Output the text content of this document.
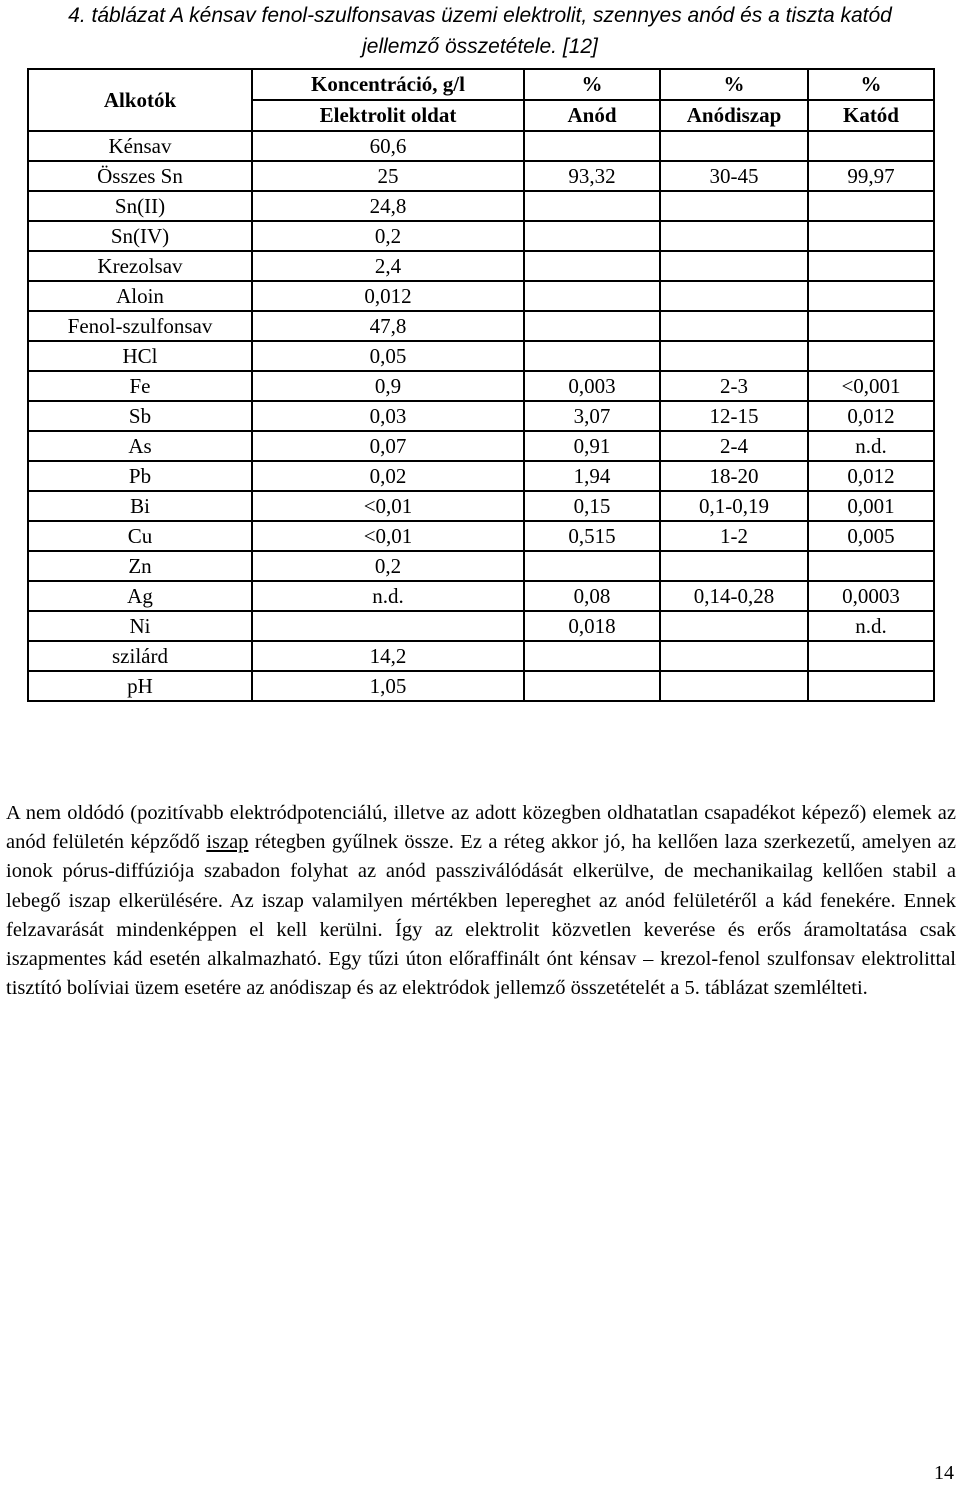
4. táblázat A kénsav fenol-szulfonsavas üzemi elektrolit, szennyes anód és a tiszta katód
jellemző összetétele. [12]

Alkotók	Koncentráció, g/l	%	%	%
	Elektrolit oldat	Anód	Anódiszap	Katód
Kénsav	60,6			
Összes Sn	25	93,32	30-45	99,97
Sn(II)	24,8			
Sn(IV)	0,2			
Krezolsav	2,4			
Aloin	0,012			
Fenol-szulfonsav	47,8			
HCl	0,05			
Fe	0,9	0,003	2-3	<0,001
Sb	0,03	3,07	12-15	0,012
As	0,07	0,91	2-4	n.d.
Pb	0,02	1,94	18-20	0,012
Bi	<0,01	0,15	0,1-0,19	0,001
Cu	<0,01	0,515	1-2	0,005
Zn	0,2			
Ag	n.d.	0,08	0,14-0,28	0,0003
Ni		0,018		n.d.
szilárd	14,2			
pH	1,05			

A nem oldódó (pozitívabb elektródpotenciálú, illetve az adott közegben oldhatatlan csapadékot képező) elemek az anód felületén képződő iszap rétegben gyűlnek össze. Ez a réteg akkor jó, ha kellően laza szerkezetű, amelyen az ionok pórus-diffúziója szabadon folyhat az anód passziválódását elkerülve, de mechanikailag kellően stabil a lebegő iszap elkerülésére. Az iszap valamilyen mértékben lepereghet az anód felületéről a kád fenekére. Ennek felzavarását mindenképpen el kell kerülni. Így az elektrolit közvetlen keverése és erős áramoltatása csak iszapmentes kád esetén alkalmazható. Egy tűzi úton előraffinált ónt kénsav – krezol-fenol szulfonsav elektrolittal tisztító bolíviai üzem esetére az anódiszap és az elektródok jellemző összetételét a 5. táblázat szemlélteti.

14
